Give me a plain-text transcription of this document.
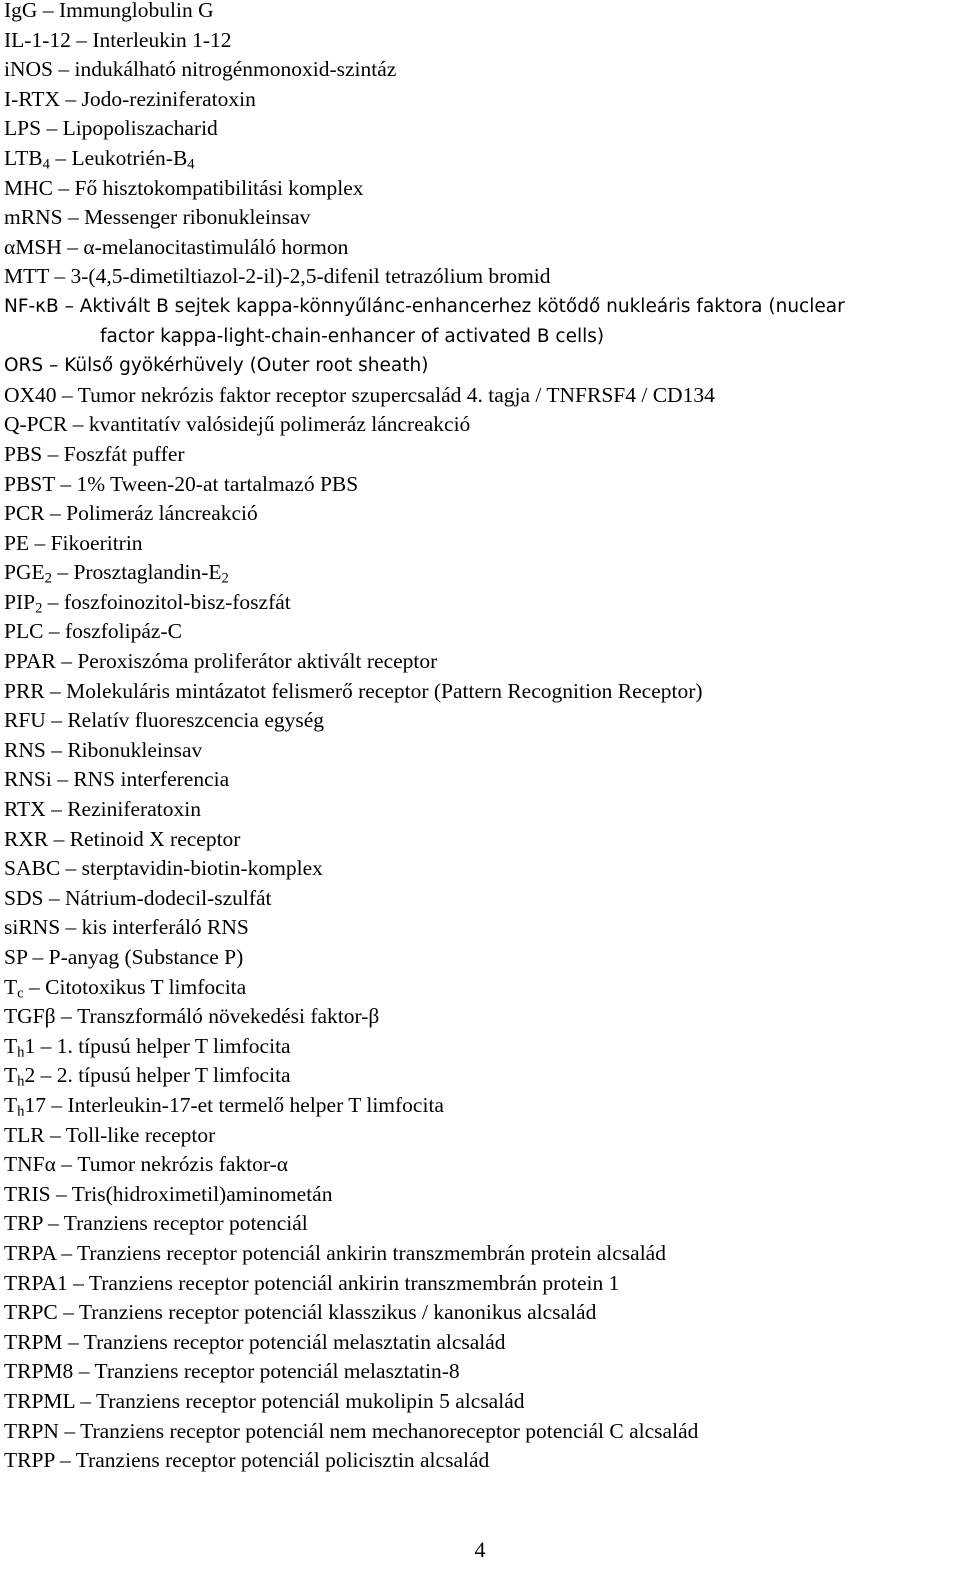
IgG – Immunglobulin G
IL-1-12 – Interleukin 1-12
iNOS – indukálható nitrogénmonoxid-szintáz
I-RTX – Jodo-reziniferatoxin
LPS – Lipopoliszacharid
$LTB_4$ – Leukotrién-$B_4$
MHC – Fő hisztokompatibilitási komplex
mRNS – Messenger ribonukleinsav
αMSH – α-melanocitastimuláló hormon
MTT – 3-(4,5-dimetiltiazol-2-il)-2,5-difenil tetrazólium bromid
NF-κB – Aktivált B sejtek kappa-könnyűlánc-enhancerhez kötődő nukleáris faktora (nuclear
factor kappa-light-chain-enhancer of activated B cells)
ORS – Külső gyökérhüvely (Outer root sheath)
OX40 – Tumor nekrózis faktor receptor szupercsalád 4. tagja / TNFRSF4 / CD134
Q-PCR – kvantitatív valósidejű polimeráz láncreakció
PBS – Foszfát puffer
PBST – 1% Tween-20-at tartalmazó PBS
PCR – Polimeráz láncreakció
PE – Fikoeritrin
$PGE_2$ – Prosztaglandin-$E_2$
$PIP_2$ – foszfoinozitol-bisz-foszfát
PLC – foszfolipáz-C
PPAR – Peroxiszóma proliferátor aktivált receptor
PRR – Molekuláris mintázatot felismerő receptor (Pattern Recognition Receptor)
RFU – Relatív fluoreszcencia egység
RNS – Ribonukleinsav
RNSi – RNS interferencia
RTX – Reziniferatoxin
RXR – Retinoid X receptor
SABC – sterptavidin-biotin-komplex
SDS – Nátrium-dodecil-szulfát
siRNS – kis interferáló RNS
SP – P-anyag (Substance P)
$T_c$ – Citotoxikus T limfocita
TGFβ – Transzformáló növekedési faktor-β
$T_h1 - 1$. típusú helper T limfocita
$T_h2 - 2$. típusú helper T limfocita
$T_h17$ – Interleukin-17-et termelő helper T limfocita
TLR – Toll-like receptor
TNFα – Tumor nekrózis faktor-α
TRIS – Tris(hidroximetil)aminometán
TRP – Tranziens receptor potenciál
TRPA – Tranziens receptor potenciál ankirin transzmembrán protein alcsalád
TRPA1 – Tranziens receptor potenciál ankirin transzmembrán protein 1
TRPC – Tranziens receptor potenciál klasszikus / kanonikus alcsalád
TRPM – Tranziens receptor potenciál melasztatin alcsalád
TRPM8 – Tranziens receptor potenciál melasztatin-8
TRPML – Tranziens receptor potenciál mukolipin 5 alcsalád
TRPN – Tranziens receptor potenciál nem mechanoreceptor potenciál C alcsalád
TRPP – Tranziens receptor potenciál policisztin alcsalád
4
